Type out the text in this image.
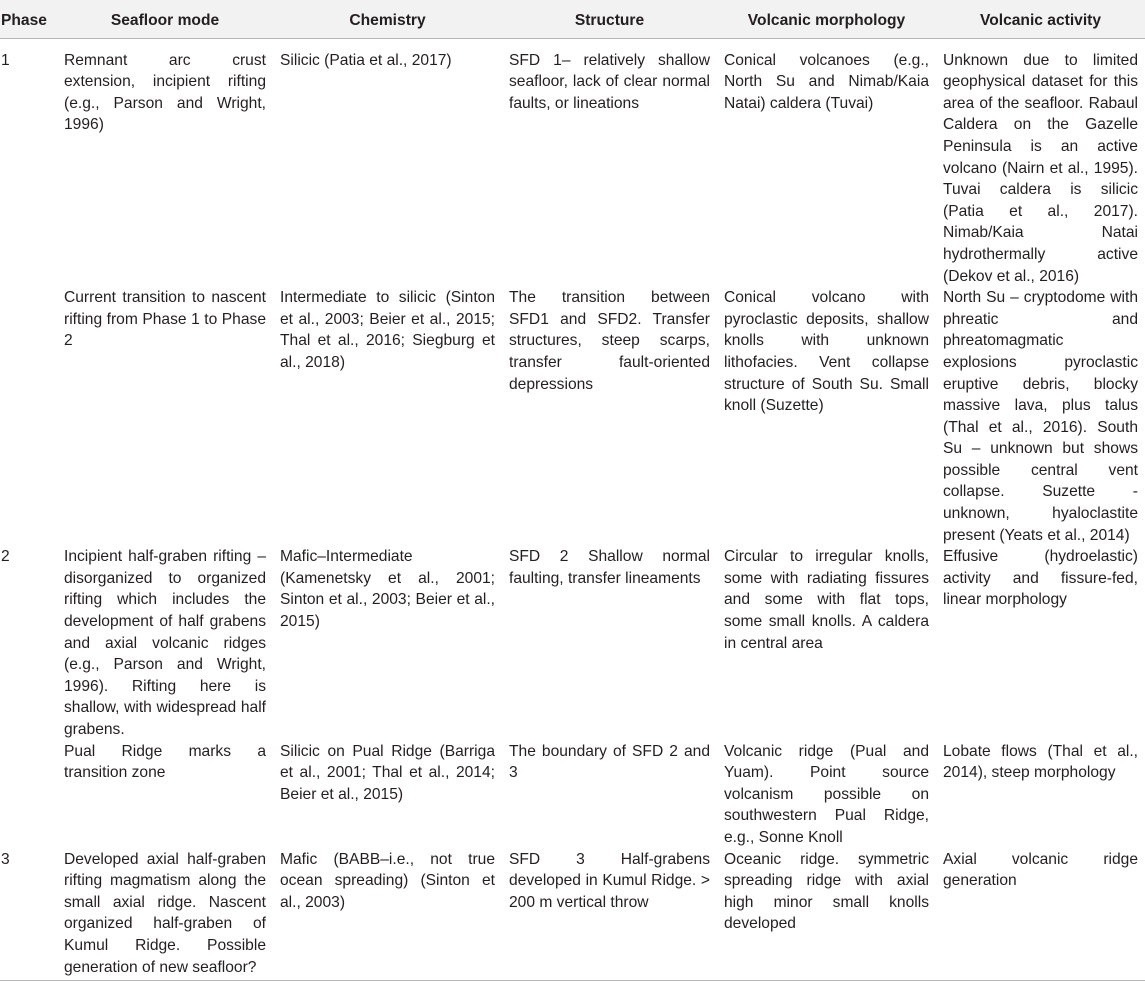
Phase	Seafloor mode	Chemistry	Structure	Volcanic morphology	Volcanic activity
1	Remnant arc crust extension, incipient rifting (e.g., Parson and Wright, 1996)	Silicic (Patia et al., 2017)	SFD 1– relatively shallow seafloor, lack of clear normal faults, or lineations	Conical volcanoes (e.g., North Su and Nimab/Kaia Natai) caldera (Tuvai)	Unknown due to limited geophysical dataset for this area of the seafloor. Rabaul Caldera on the Gazelle Peninsula is an active volcano (Nairn et al., 1995). Tuvai caldera is silicic (Patia et al., 2017). Nimab/Kaia Natai hydrothermally active (Dekov et al., 2016)
	Current transition to nascent rifting from Phase 1 to Phase 2	Intermediate to silicic (Sinton et al., 2003; Beier et al., 2015; Thal et al., 2016; Siegburg et al., 2018)	The transition between SFD1 and SFD2. Transfer structures, steep scarps, transfer fault-oriented depressions	Conical volcano with pyroclastic deposits, shallow knolls with unknown lithofacies. Vent collapse structure of South Su. Small knoll (Suzette)	North Su – cryptodome with phreatic and phreatomagmatic explosions pyroclastic eruptive debris, blocky massive lava, plus talus (Thal et al., 2016). South Su – unknown but shows possible central vent collapse. Suzette - unknown, hyaloclastite present (Yeats et al., 2014)
2	Incipient half-graben rifting – disorganized to organized rifting which includes the development of half grabens and axial volcanic ridges (e.g., Parson and Wright, 1996). Rifting here is shallow, with widespread half grabens.	Mafic–Intermediate (Kamenetsky et al., 2001; Sinton et al., 2003; Beier et al., 2015)	SFD 2 Shallow normal faulting, transfer lineaments	Circular to irregular knolls, some with radiating fissures and some with flat tops, some small knolls. A caldera in central area	Effusive (hydroelastic) activity and fissure-fed, linear morphology
	Pual Ridge marks a transition zone	Silicic on Pual Ridge (Barriga et al., 2001; Thal et al., 2014; Beier et al., 2015)	The boundary of SFD 2 and 3	Volcanic ridge (Pual and Yuam). Point source volcanism possible on southwestern Pual Ridge, e.g., Sonne Knoll	Lobate flows (Thal et al., 2014), steep morphology
3	Developed axial half-graben rifting magmatism along the small axial ridge. Nascent organized half-graben of Kumul Ridge. Possible generation of new seafloor?	Mafic (BABB–i.e., not true ocean spreading) (Sinton et al., 2003)	SFD 3 Half-grabens developed in Kumul Ridge. > 200 m vertical throw	Oceanic ridge. symmetric spreading ridge with axial high minor small knolls developed	Axial volcanic ridge generation
